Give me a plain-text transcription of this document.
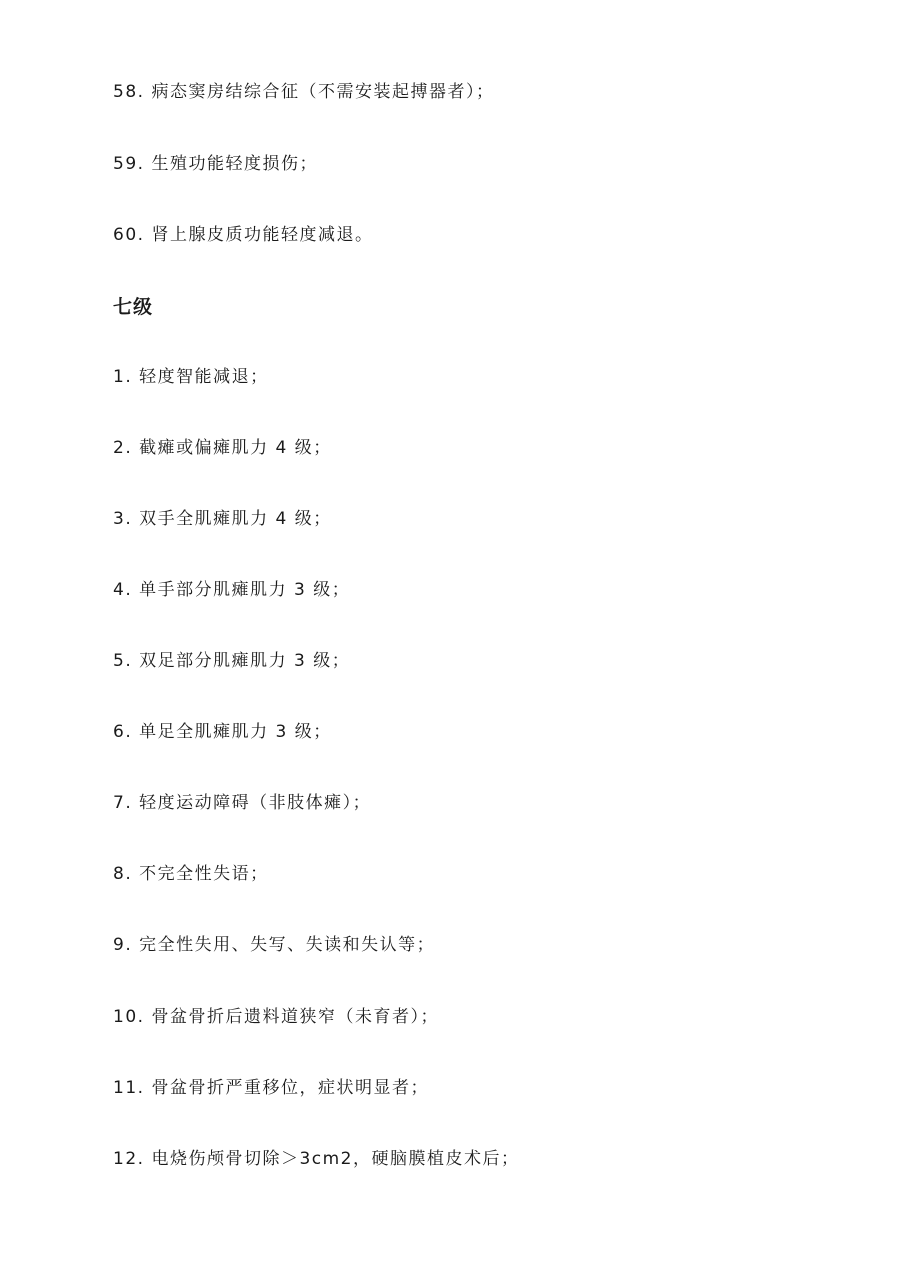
58. 病态窦房结综合征（不需安装起搏器者）；
59. 生殖功能轻度损伤；
60. 肾上腺皮质功能轻度减退。
七级
1. 轻度智能减退；
2. 截瘫或偏瘫肌力 4 级；
3. 双手全肌瘫肌力 4 级；
4. 单手部分肌瘫肌力 3 级；
5. 双足部分肌瘫肌力 3 级；
6. 单足全肌瘫肌力 3 级；
7. 轻度运动障碍（非肢体瘫）；
8. 不完全性失语；
9. 完全性失用、失写、失读和失认等；
10. 骨盆骨折后遗料道狭窄（未育者）；
11. 骨盆骨折严重移位，症状明显者；
12. 电烧伤颅骨切除＞3cm2，硬脑膜植皮术后；
